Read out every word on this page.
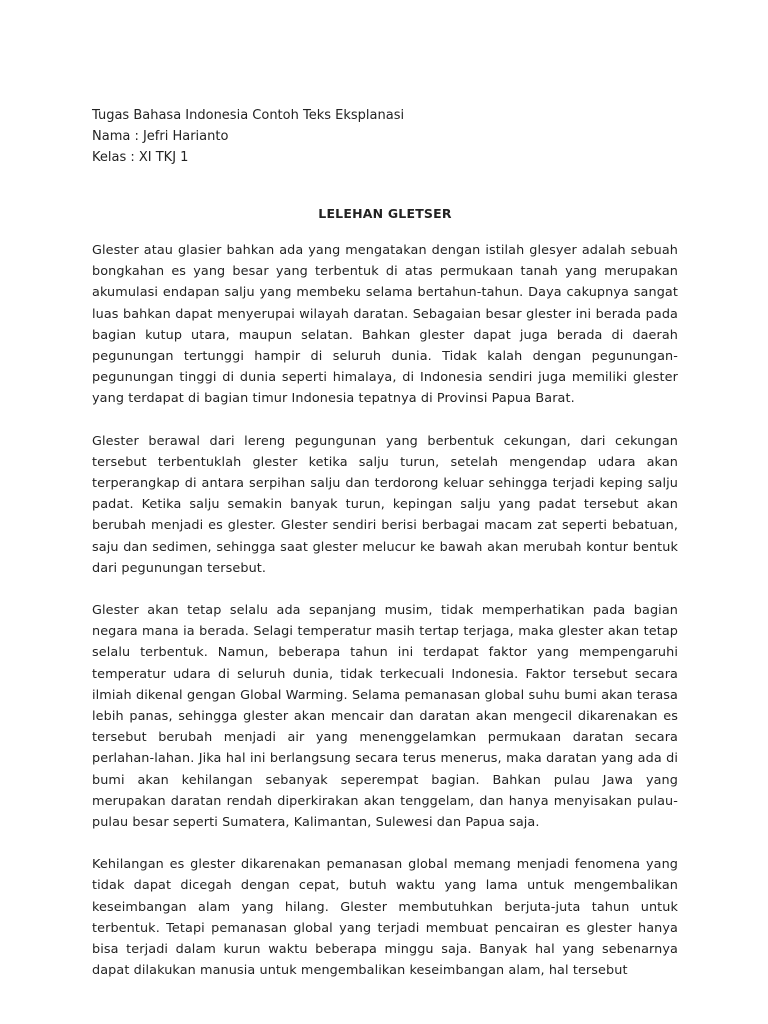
Tugas Bahasa Indonesia Contoh Teks Eksplanasi

Nama : Jefri Harianto

Kelas : XI TKJ 1

LELEHAN GLETSER

Glester atau glasier bahkan ada yang mengatakan dengan istilah glesyer adalah sebuah bongkahan es yang besar yang terbentuk di atas permukaan tanah yang merupakan akumulasi endapan salju yang membeku selama bertahun-tahun. Daya cakupnya sangat luas bahkan dapat menyerupai wilayah daratan. Sebagaian besar glester ini berada pada bagian kutup utara, maupun selatan. Bahkan glester dapat juga berada di daerah pegunungan tertunggi hampir di seluruh dunia. Tidak kalah dengan pegunungan-pegunungan tinggi di dunia seperti himalaya, di Indonesia sendiri juga memiliki glester yang terdapat di bagian timur Indonesia tepatnya di Provinsi Papua Barat.

Glester berawal dari lereng pegungunan yang berbentuk cekungan, dari cekungan tersebut terbentuklah glester ketika salju turun, setelah mengendap udara akan terperangkap di antara serpihan salju dan terdorong keluar sehingga terjadi keping salju padat. Ketika salju semakin banyak turun, kepingan salju yang padat tersebut akan berubah menjadi es glester. Glester sendiri berisi berbagai macam zat seperti bebatuan, saju dan sedimen, sehingga saat glester melucur ke bawah akan merubah kontur bentuk dari pegunungan tersebut.

Glester akan tetap selalu ada sepanjang musim, tidak memperhatikan pada bagian negara mana ia berada. Selagi temperatur masih tertap terjaga, maka glester akan tetap selalu terbentuk. Namun, beberapa tahun ini terdapat faktor yang mempengaruhi temperatur udara di seluruh dunia, tidak terkecuali Indonesia. Faktor tersebut secara ilmiah dikenal gengan Global Warming. Selama pemanasan global suhu bumi akan terasa lebih panas, sehingga glester akan mencair dan daratan akan mengecil dikarenakan es tersebut berubah menjadi air yang menenggelamkan permukaan daratan secara perlahan-lahan. Jika hal ini berlangsung secara terus menerus, maka daratan yang ada di bumi akan kehilangan sebanyak seperempat bagian. Bahkan pulau Jawa yang merupakan daratan rendah diperkirakan akan tenggelam, dan hanya menyisakan pulau-pulau besar seperti Sumatera, Kalimantan, Sulewesi dan Papua saja.

Kehilangan es glester dikarenakan pemanasan global memang menjadi fenomena yang tidak dapat dicegah dengan cepat, butuh waktu yang lama untuk mengembalikan keseimbangan alam yang hilang. Glester membutuhkan berjuta-juta tahun untuk terbentuk. Tetapi pemanasan global yang terjadi membuat pencairan es glester hanya bisa terjadi dalam kurun waktu beberapa minggu saja. Banyak hal yang sebenarnya dapat dilakukan manusia untuk mengembalikan keseimbangan alam, hal tersebut
